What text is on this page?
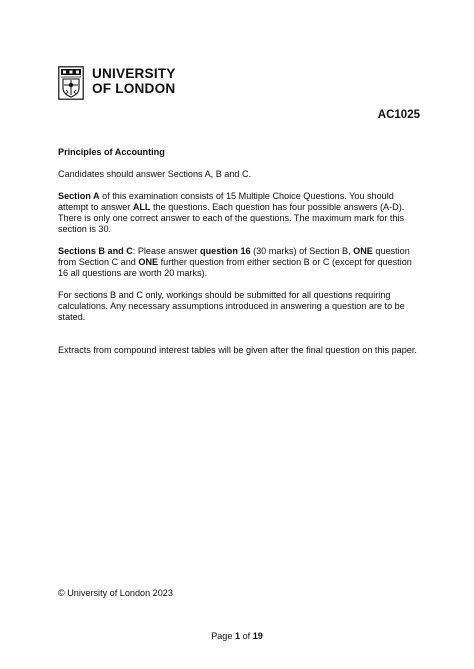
UNIVERSITY
OF LONDON
AC1025

Principles of Accounting

Candidates should answer Sections A, B and C.

Section A of this examination consists of 15 Multiple Choice Questions. You should attempt to answer ALL the questions. Each question has four possible answers (A-D). There is only one correct answer to each of the questions. The maximum mark for this section is 30.

Sections B and C: Please answer question 16 (30 marks) of Section B, ONE question from Section C and ONE further question from either section B or C (except for question 16 all questions are worth 20 marks).

For sections B and C only, workings should be submitted for all questions requiring calculations. Any necessary assumptions introduced in answering a question are to be stated.

Extracts from compound interest tables will be given after the final question on this paper.

© University of London 2023
Page 1 of 19
